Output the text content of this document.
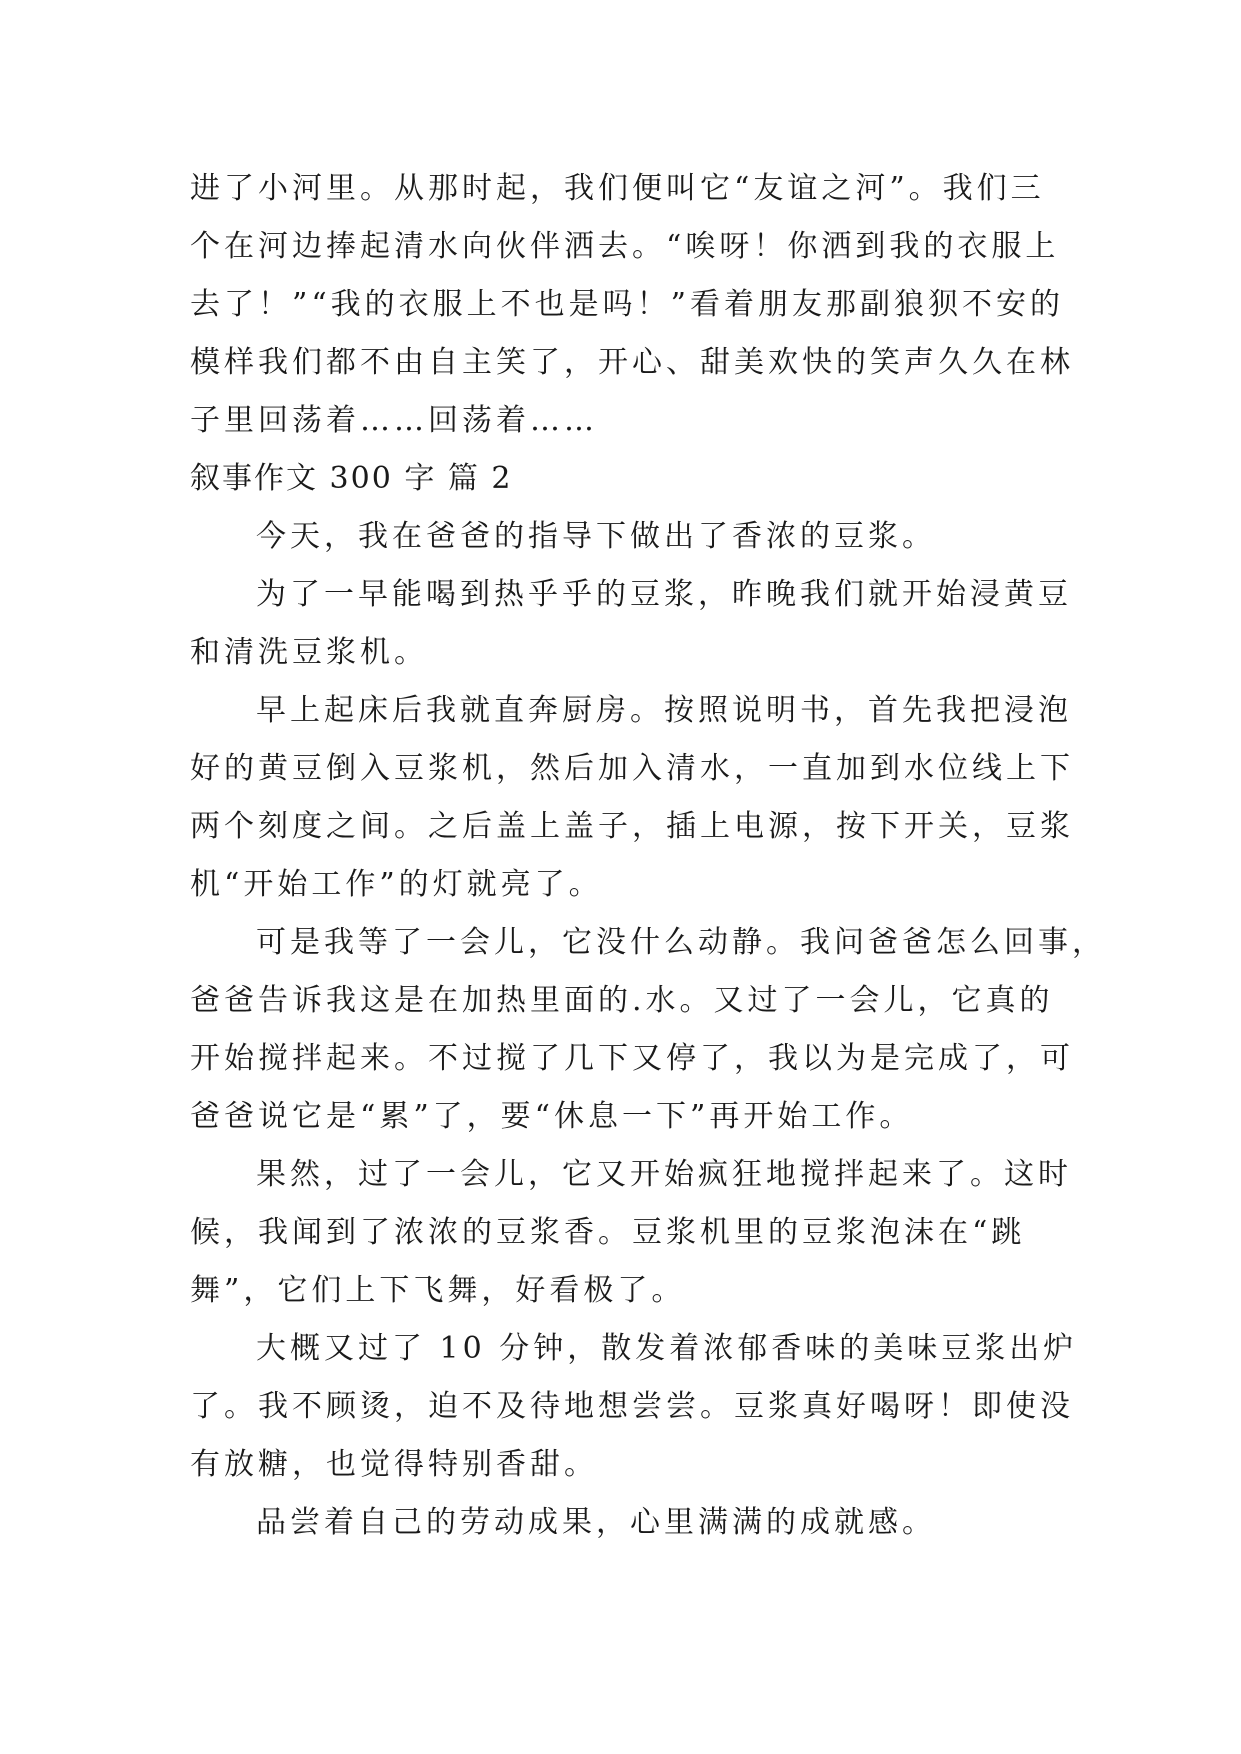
进了小河里。从那时起，我们便叫它“友谊之河”。我们三
个在河边捧起清水向伙伴洒去。“唉呀！你洒到我的衣服上
去了！”“我的衣服上不也是吗！”看着朋友那副狼狈不安的
模样我们都不由自主笑了，开心、甜美欢快的笑声久久在林
子里回荡着……回荡着……
叙事作文 300 字 篇 2
今天，我在爸爸的指导下做出了香浓的豆浆。
为了一早能喝到热乎乎的豆浆，昨晚我们就开始浸黄豆
和清洗豆浆机。
早上起床后我就直奔厨房。按照说明书，首先我把浸泡
好的黄豆倒入豆浆机，然后加入清水，一直加到水位线上下
两个刻度之间。之后盖上盖子，插上电源，按下开关，豆浆
机“开始工作”的灯就亮了。
可是我等了一会儿，它没什么动静。我问爸爸怎么回事，
爸爸告诉我这是在加热里面的.水。又过了一会儿，它真的
开始搅拌起来。不过搅了几下又停了，我以为是完成了，可
爸爸说它是“累”了，要“休息一下”再开始工作。
果然，过了一会儿，它又开始疯狂地搅拌起来了。这时
候，我闻到了浓浓的豆浆香。豆浆机里的豆浆泡沫在“跳
舞”，它们上下飞舞，好看极了。
大概又过了 10 分钟，散发着浓郁香味的美味豆浆出炉
了。我不顾烫，迫不及待地想尝尝。豆浆真好喝呀！即使没
有放糖，也觉得特别香甜。
品尝着自己的劳动成果，心里满满的成就感。
